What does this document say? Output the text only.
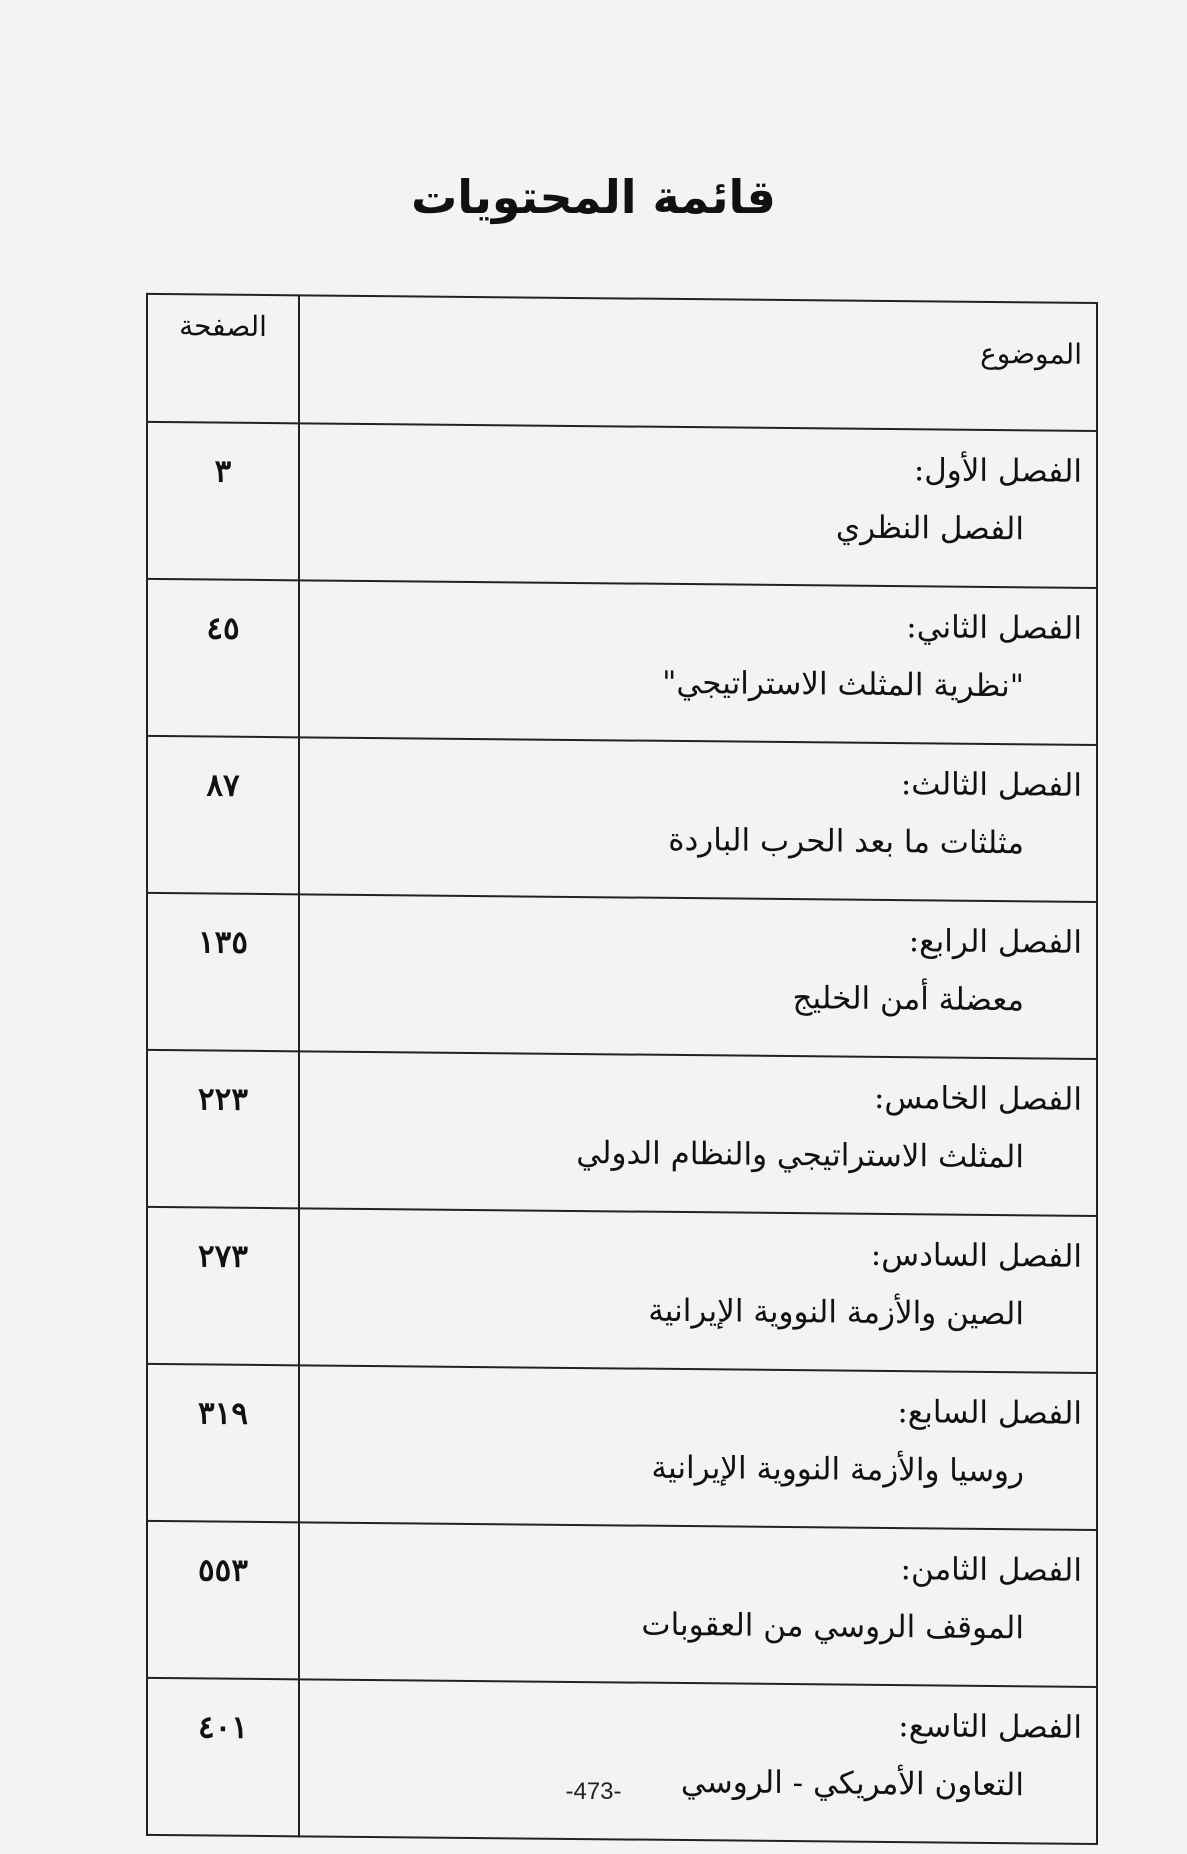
قائمة المحتويات
الموضوع	الصفحة

الفصل الأول:
الفصل النظري	٣

الفصل الثاني:
"نظرية المثلث الاستراتيجي"	٤٥

الفصل الثالث:
مثلثات ما بعد الحرب الباردة	٨٧

الفصل الرابع:
معضلة أمن الخليج	١٣٥

الفصل الخامس:
المثلث الاستراتيجي والنظام الدولي	٢٢٣

الفصل السادس:
الصين والأزمة النووية الإيرانية	٢٧٣

الفصل السابع:
روسيا والأزمة النووية الإيرانية	٣١٩

الفصل الثامن:
الموقف الروسي من العقوبات	٥٥٣

الفصل التاسع:
التعاون الأمريكي - الروسي	٤٠١
-473-
